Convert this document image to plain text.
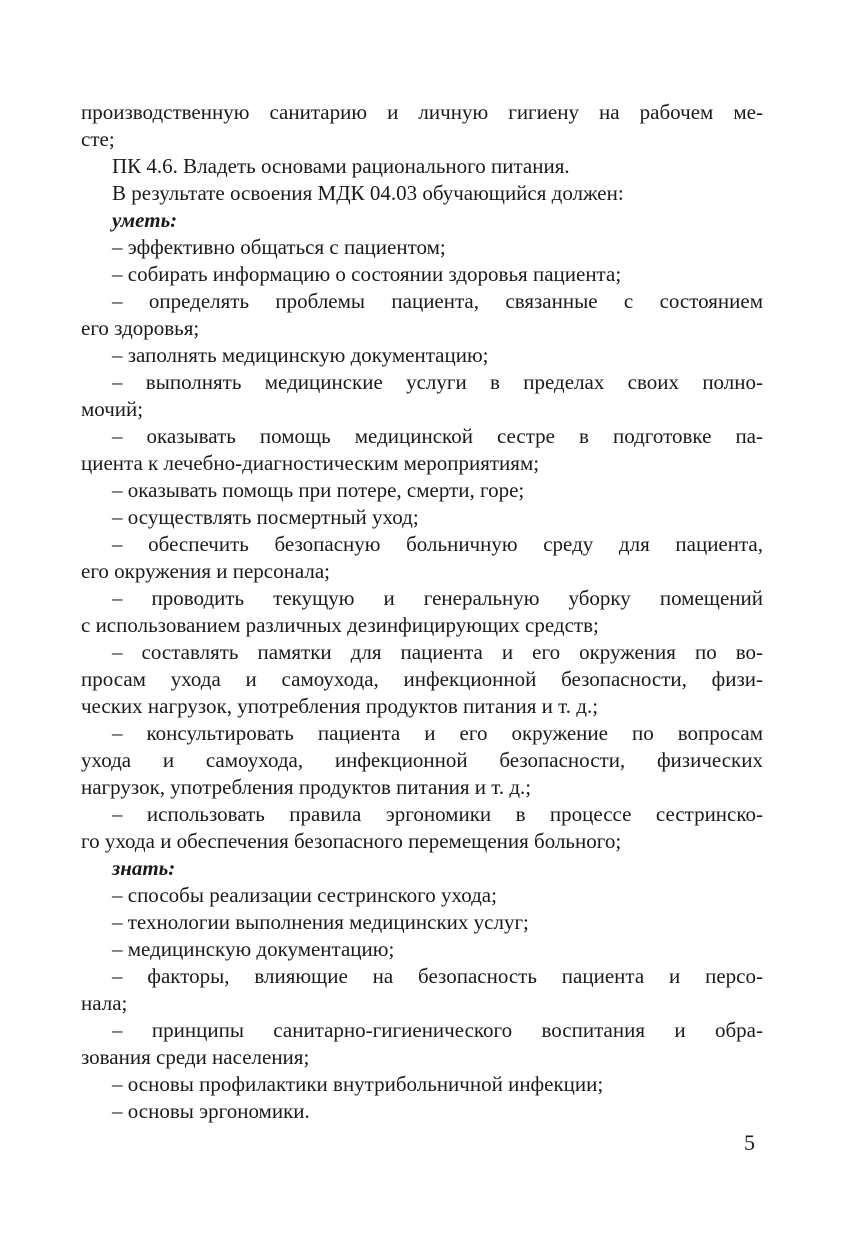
производственную санитарию и личную гигиену на рабочем ме-
сте;
ПК 4.6. Владеть основами рационального питания.
В результате освоения МДК 04.03 обучающийся должен:
уметь:
– эффективно общаться с пациентом;
– собирать информацию о состоянии здоровья пациента;
– определять проблемы пациента, связанные с состоянием
его здоровья;
– заполнять медицинскую документацию;
– выполнять медицинские услуги в пределах своих полно-
мочий;
– оказывать помощь медицинской сестре в подготовке па-
циента к лечебно-диагностическим мероприятиям;
– оказывать помощь при потере, смерти, горе;
– осуществлять посмертный уход;
– обеспечить безопасную больничную среду для пациента,
его окружения и персонала;
– проводить текущую и генеральную уборку помещений
с использованием различных дезинфицирующих средств;
– составлять памятки для пациента и его окружения по во-
просам ухода и самоухода, инфекционной безопасности, физи-
ческих нагрузок, употребления продуктов питания и т. д.;
– консультировать пациента и его окружение по вопросам
ухода и самоухода, инфекционной безопасности, физических
нагрузок, употребления продуктов питания и т. д.;
– использовать правила эргономики в процессе сестринско-
го ухода и обеспечения безопасного перемещения больного;
знать:
– способы реализации сестринского ухода;
– технологии выполнения медицинских услуг;
– медицинскую документацию;
– факторы, влияющие на безопасность пациента и персо-
нала;
– принципы санитарно-гигиенического воспитания и обра-
зования среди населения;
– основы профилактики внутрибольничной инфекции;
– основы эргономики.
5
